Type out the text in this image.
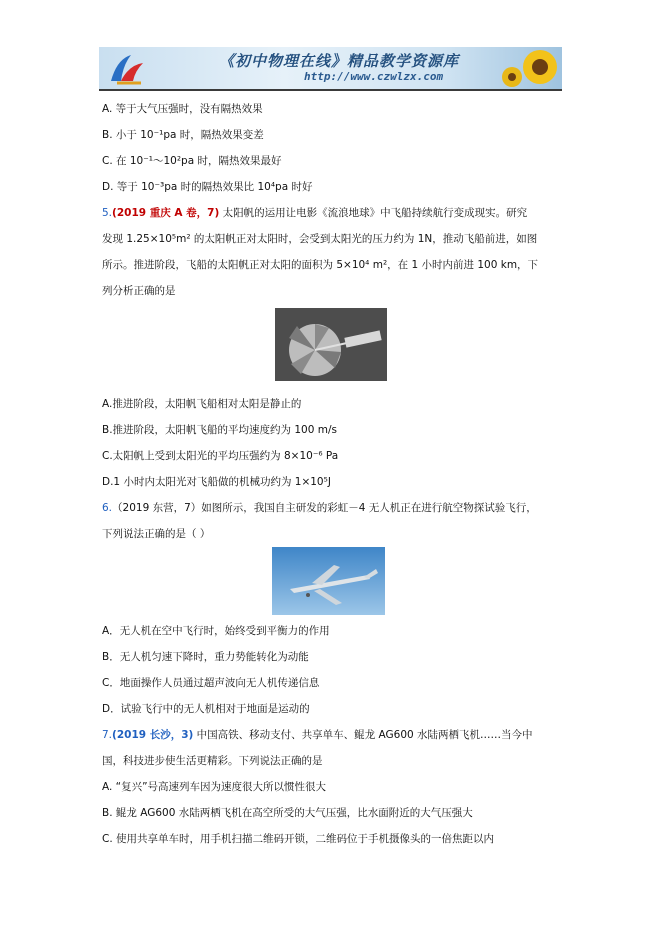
《初中物理在线》精品教学资源库
http://www.czwlzx.com
A. 等于大气压强时，没有隔热效果
B. 小于 10⁻¹pa 时，隔热效果变差
C. 在 10⁻¹～10²pa 时，隔热效果最好
D. 等于 10⁻³pa 时的隔热效果比 10⁴pa 时好
5.(2019 重庆 A 卷，7) 太阳帆的运用让电影《流浪地球》中飞船持续航行变成现实。研究
发现 1.25×10⁵m² 的太阳帆正对太阳时，会受到太阳光的压力约为 1N，推动飞船前进，如图
所示。推进阶段，飞船的太阳帆正对太阳的面积为 5×10⁴ m²，在 1 小时内前进 100 km，下
列分析正确的是
A.推进阶段，太阳帆飞船相对太阳是静止的
B.推进阶段，太阳帆飞船的平均速度约为 100 m/s
C.太阳帆上受到太阳光的平均压强约为 8×10⁻⁶ Pa
D.1 小时内太阳光对飞船做的机械功约为 1×10⁵J
6.（2019 东营，7）如图所示，我国自主研发的彩虹－4 无人机正在进行航空物探试验飞行，
下列说法正确的是（ ）
A．无人机在空中飞行时，始终受到平衡力的作用
B．无人机匀速下降时，重力势能转化为动能
C．地面操作人员通过超声波向无人机传递信息
D．试验飞行中的无人机相对于地面是运动的
7.(2019 长沙，3) 中国高铁、移动支付、共享单车、鲲龙 AG600 水陆两栖飞机……当今中
国，科技进步使生活更精彩。下列说法正确的是
A. “复兴”号高速列车因为速度很大所以惯性很大
B. 鲲龙 AG600 水陆两栖飞机在高空所受的大气压强，比水面附近的大气压强大
C. 使用共享单车时，用手机扫描二维码开锁，二维码位于手机摄像头的一倍焦距以内
